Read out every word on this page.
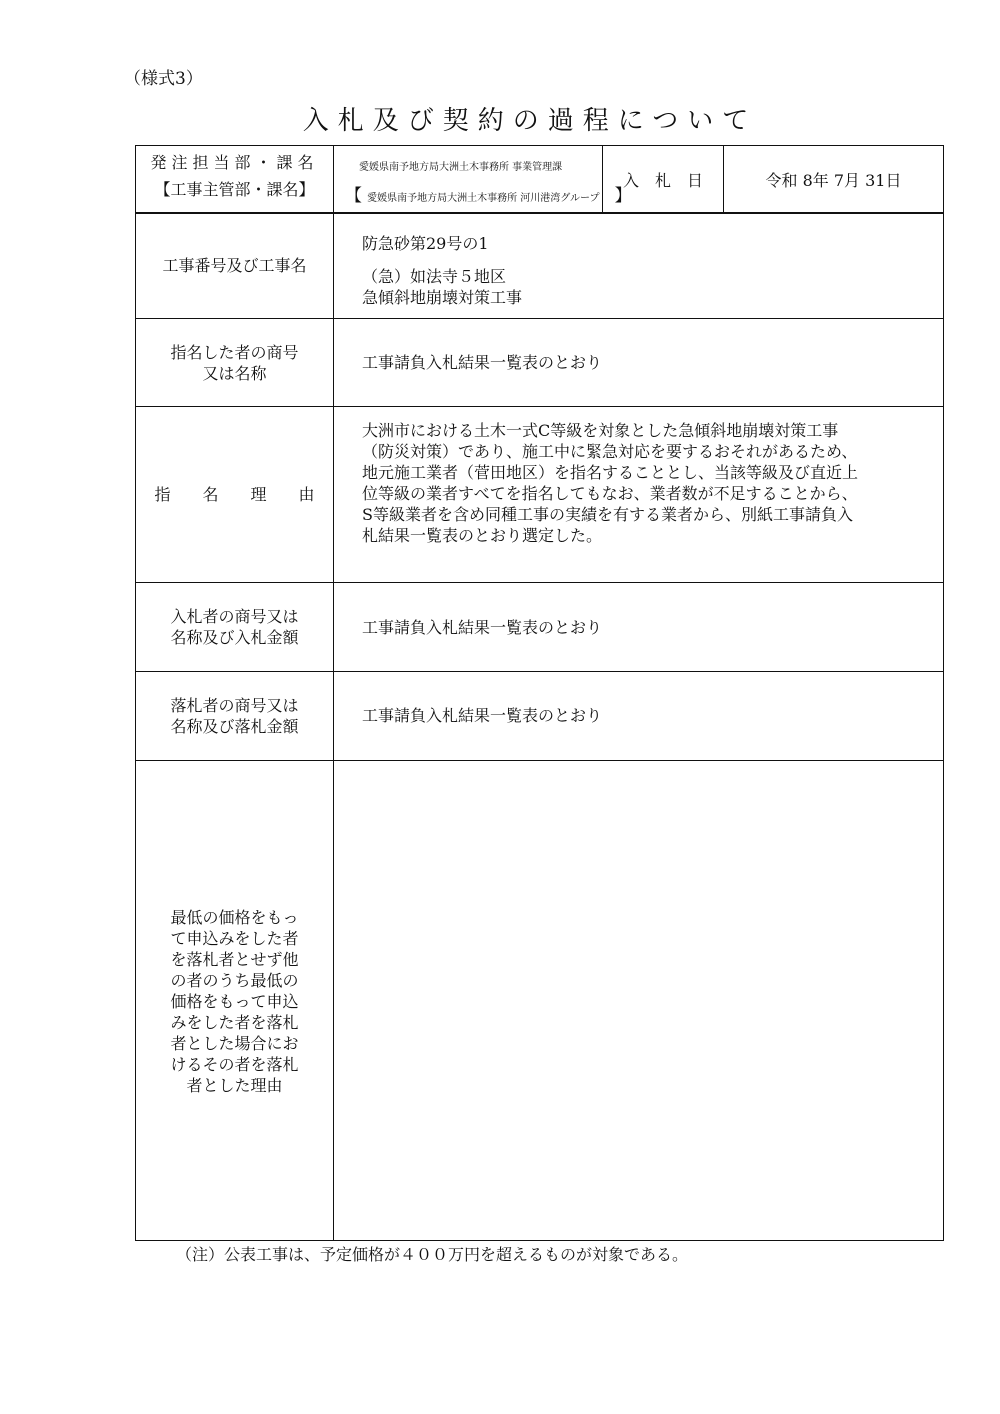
（様式3）
入札及び契約の過程について
発注担当部・課名
【工事主管部・課名】
愛媛県南予地方局大洲土木事務所 事業管理課
【 愛媛県南予地方局大洲土木事務所 河川港湾グループ 】
入　札　日	令和 8年 7月 31日
工事番号及び工事名
防急砂第29号の1
（急）如法寺５地区
急傾斜地崩壊対策工事
指名した者の商号
又は名称
工事請負入札結果一覧表のとおり
指　　名　　理　　由
大洲市における土木一式C等級を対象とした急傾斜地崩壊対策工事
（防災対策）であり、施工中に緊急対応を要するおそれがあるため、
地元施工業者（菅田地区）を指名することとし、当該等級及び直近上
位等級の業者すべてを指名してもなお、業者数が不足することから、
S等級業者を含め同種工事の実績を有する業者から、別紙工事請負入
札結果一覧表のとおり選定した。
入札者の商号又は
名称及び入札金額
工事請負入札結果一覧表のとおり
落札者の商号又は
名称及び落札金額
工事請負入札結果一覧表のとおり
最低の価格をもっ
て申込みをした者
を落札者とせず他
の者のうち最低の
価格をもって申込
みをした者を落札
者とした場合にお
けるその者を落札
者とした理由
（注）公表工事は、予定価格が４００万円を超えるものが対象である。
